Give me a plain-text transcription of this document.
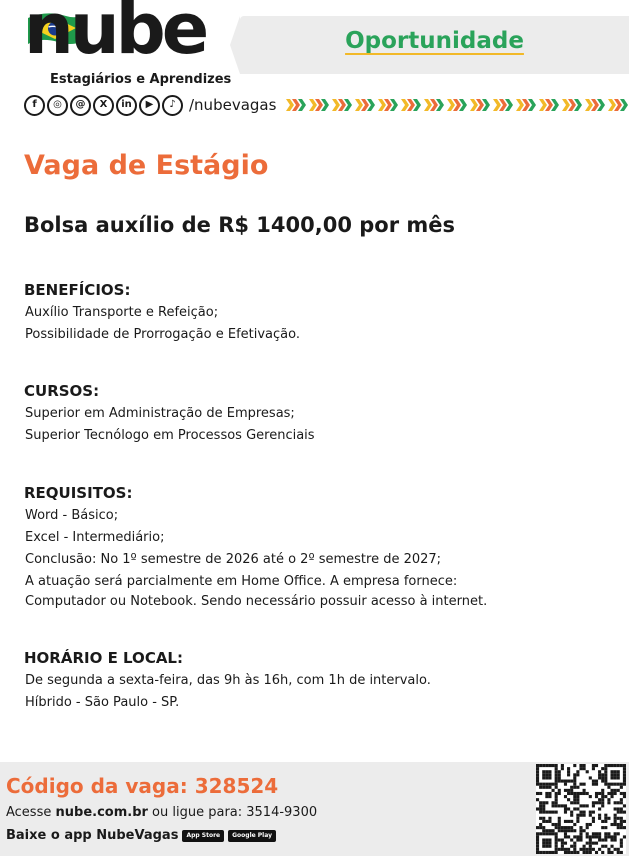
nube
Estagiários e Aprendizes
Oportunidade
f	◎	@	X	in	▶	♪ /nubevagas
Vaga de Estágio
Bolsa auxílio de R$ 1400,00 por mês
BENEFÍCIOS:
Auxílio Transporte e Refeição;
Possibilidade de Prorrogação e Efetivação.
CURSOS:
Superior em Administração de Empresas;
Superior Tecnólogo em Processos Gerenciais
REQUISITOS:
Word - Básico;
Excel - Intermediário;
Conclusão: No 1º semestre de 2026 até o 2º semestre de 2027;
A atuação será parcialmente em Home Office. A empresa fornece: Computador ou Notebook. Sendo necessário possuir acesso à internet.
HORÁRIO E LOCAL:
De segunda a sexta-feira, das 9h às 16h, com 1h de intervalo.
Híbrido - São Paulo - SP.
Código da vaga: 328524
Acesse nube.com.br ou ligue para: 3514-9300
Baixe o app NubeVagas	App Store	Google Play
